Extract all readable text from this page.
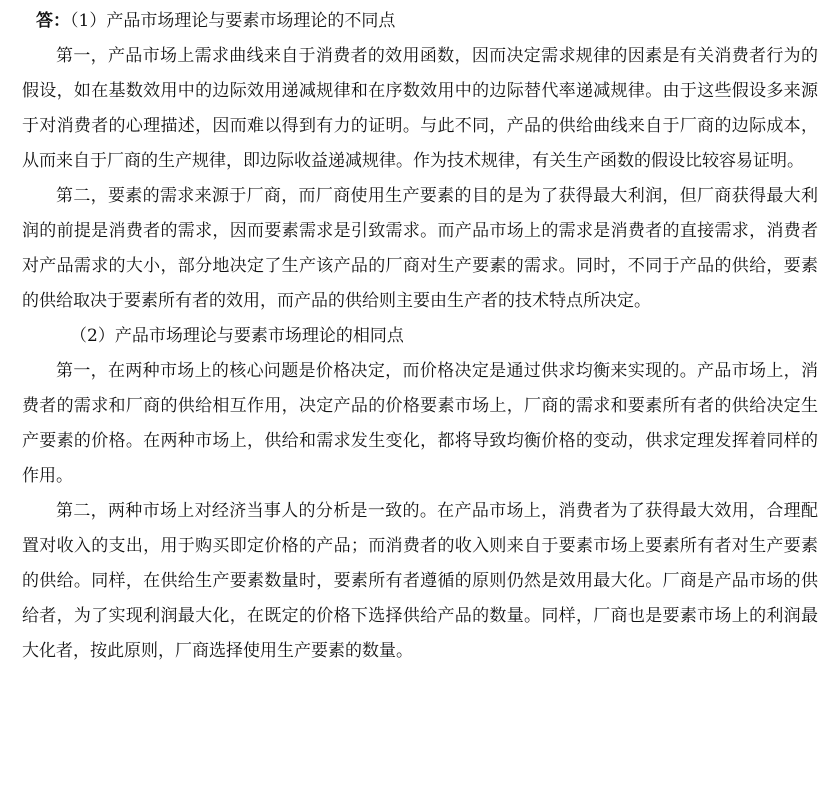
答：（1）产品市场理论与要素市场理论的不同点

第一，产品市场上需求曲线来自于消费者的效用函数，因而决定需求规律的因素是有关消费者行为的假设，如在基数效用中的边际效用递减规律和在序数效用中的边际替代率递减规律。由于这些假设多来源于对消费者的心理描述，因而难以得到有力的证明。与此不同，产品的供给曲线来自于厂商的边际成本，从而来自于厂商的生产规律，即边际收益递减规律。作为技术规律，有关生产函数的假设比较容易证明。

第二，要素的需求来源于厂商，而厂商使用生产要素的目的是为了获得最大利润，但厂商获得最大利润的前提是消费者的需求，因而要素需求是引致需求。而产品市场上的需求是消费者的直接需求，消费者对产品需求的大小，部分地决定了生产该产品的厂商对生产要素的需求。同时，不同于产品的供给，要素的供给取决于要素所有者的效用，而产品的供给则主要由生产者的技术特点所决定。

（2）产品市场理论与要素市场理论的相同点

第一，在两种市场上的核心问题是价格决定，而价格决定是通过供求均衡来实现的。产品市场上，消费者的需求和厂商的供给相互作用，决定产品的价格要素市场上，厂商的需求和要素所有者的供给决定生产要素的价格。在两种市场上，供给和需求发生变化，都将导致均衡价格的变动，供求定理发挥着同样的作用。

第二，两种市场上对经济当事人的分析是一致的。在产品市场上，消费者为了获得最大效用，合理配置对收入的支出，用于购买即定价格的产品；而消费者的收入则来自于要素市场上要素所有者对生产要素的供给。同样，在供给生产要素数量时，要素所有者遵循的原则仍然是效用最大化。厂商是产品市场的供给者，为了实现利润最大化，在既定的价格下选择供给产品的数量。同样，厂商也是要素市场上的利润最大化者，按此原则，厂商选择使用生产要素的数量。
